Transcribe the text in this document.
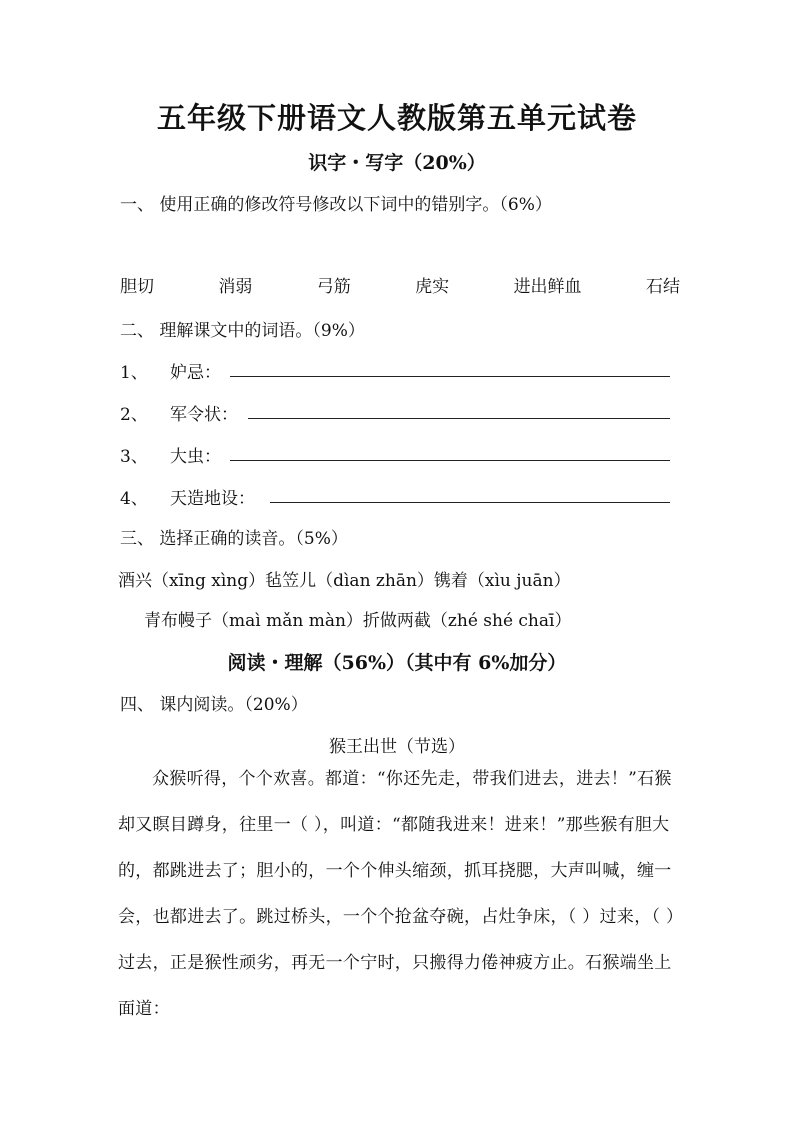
五年级下册语文人教版第五单元试卷
识字・写字（20%）
一、 使用正确的修改符号修改以下词中的错别字。（6%）
胆切	消弱	弓筋	虎实	进出鲜血	石结
二、 理解课文中的词语。（9%）
1、 妒忌：
2、 军令状：
3、 大虫：
4、 天造地设：
三、 选择正确的读音。（5%）
酒兴（xīng xìng）毡笠儿（dìan zhān）镌着（xìu juān）
青布幔子（maì mǎn màn）折做两截（zhé shé chaī）
阅读・理解（56%）（其中有 6%加分）
四、 课内阅读。（20%）
猴王出世（节选）
众猴听得，个个欢喜。都道：“你还先走，带我们进去，进去！”石猴却又瞑目蹲身，往里一（ ），叫道：“都随我进来！进来！”那些猴有胆大的，都跳进去了；胆小的，一个个伸头缩颈，抓耳挠腮，大声叫喊，缠一会，也都进去了。跳过桥头，一个个抢盆夺碗，占灶争床，（ ）过来，（ ）过去，正是猴性顽劣，再无一个宁时，只搬得力倦神疲方止。石猴端坐上面道：
